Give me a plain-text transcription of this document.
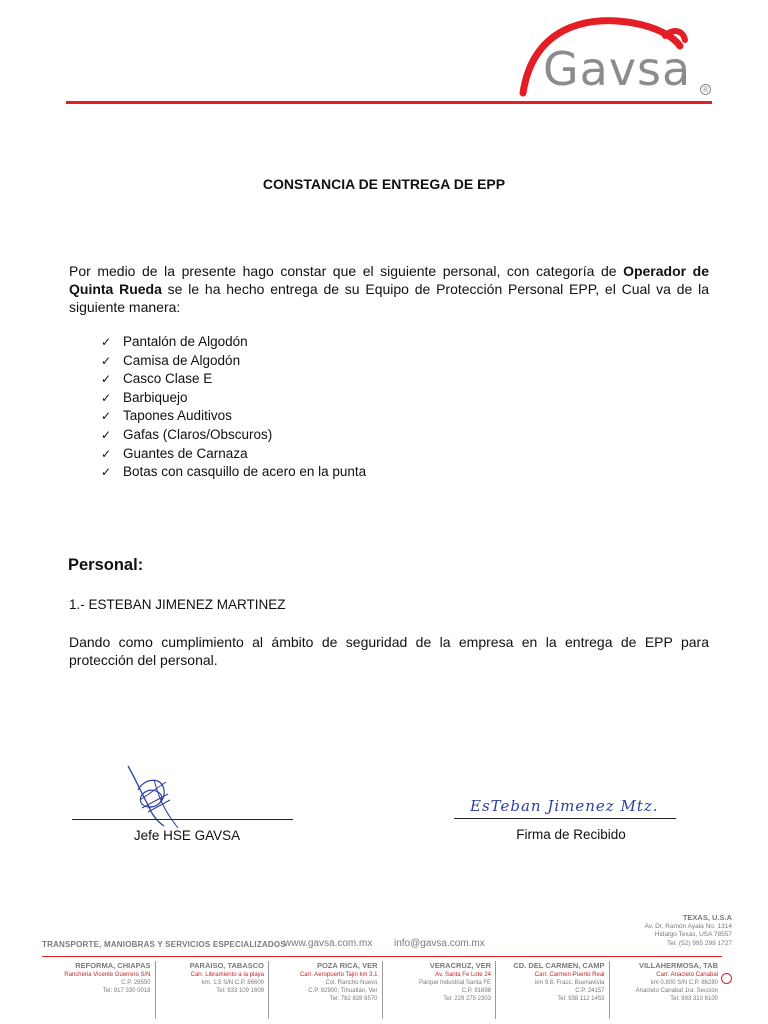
Gavsa	®
CONSTANCIA DE ENTREGA DE EPP
Por medio de la presente hago constar que el siguiente personal, con categoría de Operador de Quinta Rueda se le ha hecho entrega de su Equipo de Protección Personal EPP, el Cual va de la siguiente manera:
✓ Pantalón de Algodón
✓ Camisa de Algodón
✓ Casco Clase E
✓ Barbiquejo
✓ Tapones Auditivos
✓ Gafas (Claros/Obscuros)
✓ Guantes de Carnaza
✓ Botas con casquillo de acero en la punta
Personal:
1.- ESTEBAN JIMENEZ MARTINEZ
Dando como cumplimiento al ámbito de seguridad de la empresa en la entrega de EPP para protección del personal.
Jefe HSE GAVSA
EsTeban Jimenez Mtz.
Firma de Recibido
TEXAS, U.S.A
Av. Dr. Ramón Ayala No. 1314
Hidalgo Texas, USA 78557
Tel: (52) 995 299 1727
TRANSPORTE, MANIOBRAS Y SERVICIOS ESPECIALIZADOS
www.gavsa.com.mx info@gavsa.com.mx
REFORMA, CHIAPAS
Rancheria Vicente Guerrero S/N
C.P. 29550
Tel: 917 330 0018
PARAISO, TABASCO
Carr. Libramiento a la playa
km. 1.5 S/N C.P. 86600
Tel: 933 109 1609
POZA RICA, VER
Carr. Aeropuerto Tajin km 3.1
Col. Rancho Nuevo
C.P. 92900, Tihuatlán, Ver
Tel: 782 828 6570
VERACRUZ, VER
Av. Santa Fe Lote 24
Parque Industrial Santa FE
C.P. 91698
Tel: 229 275 2303
CD. DEL CARMEN, CAMP
Carr. Carmen-Puerto Real
km 9.8, Fracc. Buenavista
C.P. 24157
Tel: 938 112 1453
VILLAHERMOSA, TAB
Carr. Anacleto Canabal
km 0.800 S/N C.P. 86280
Anacleto Canabal 1ra. Sección
Tel: 993 310 6100
